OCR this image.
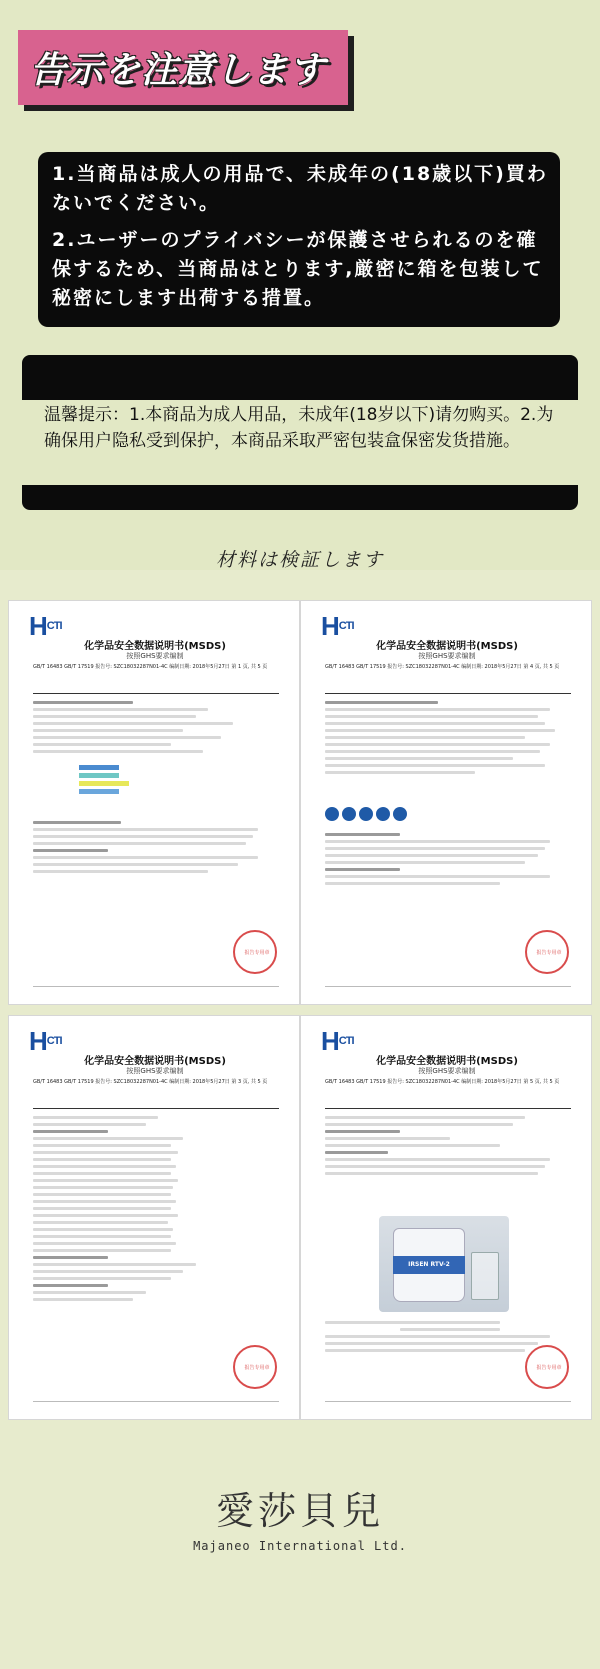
告示を注意します

1.当商品は成人の用品で、未成年の(18歳以下)買わないでください。

2.ユーザーのプライバシーが保護させられるのを確保するため、当商品はとります,厳密に箱を包装して秘密にします出荷する措置。

温馨提示：1.本商品为成人用品，未成年(18岁以下)请勿购买。2.为确保用户隐私受到保护，本商品采取严密包装盒保密发货措施。

材料は検証します
HCTI
化学品安全数据说明书(MSDS)
按照GHS要求编制
GB/T 16483 GB/T 17519 报告号: SZC18032287N01-4C 编制日期: 2018年5月27日 第 1 页, 共 5 页
报告专用章
HCTI
化学品安全数据说明书(MSDS)
按照GHS要求编制
GB/T 16483 GB/T 17519 报告号: SZC18032287N01-4C 编制日期: 2018年5月27日 第 4 页, 共 5 页
报告专用章
HCTI
化学品安全数据说明书(MSDS)
按照GHS要求编制
GB/T 16483 GB/T 17519 报告号: SZC18032287N01-4C 编制日期: 2018年5月27日 第 3 页, 共 5 页
报告专用章
HCTI
化学品安全数据说明书(MSDS)
按照GHS要求编制
GB/T 16483 GB/T 17519 报告号: SZC18032287N01-4C 编制日期: 2018年5月27日 第 5 页, 共 5 页
IRSEN RTV-2
报告专用章
愛莎貝兒
Majaneo International Ltd.
